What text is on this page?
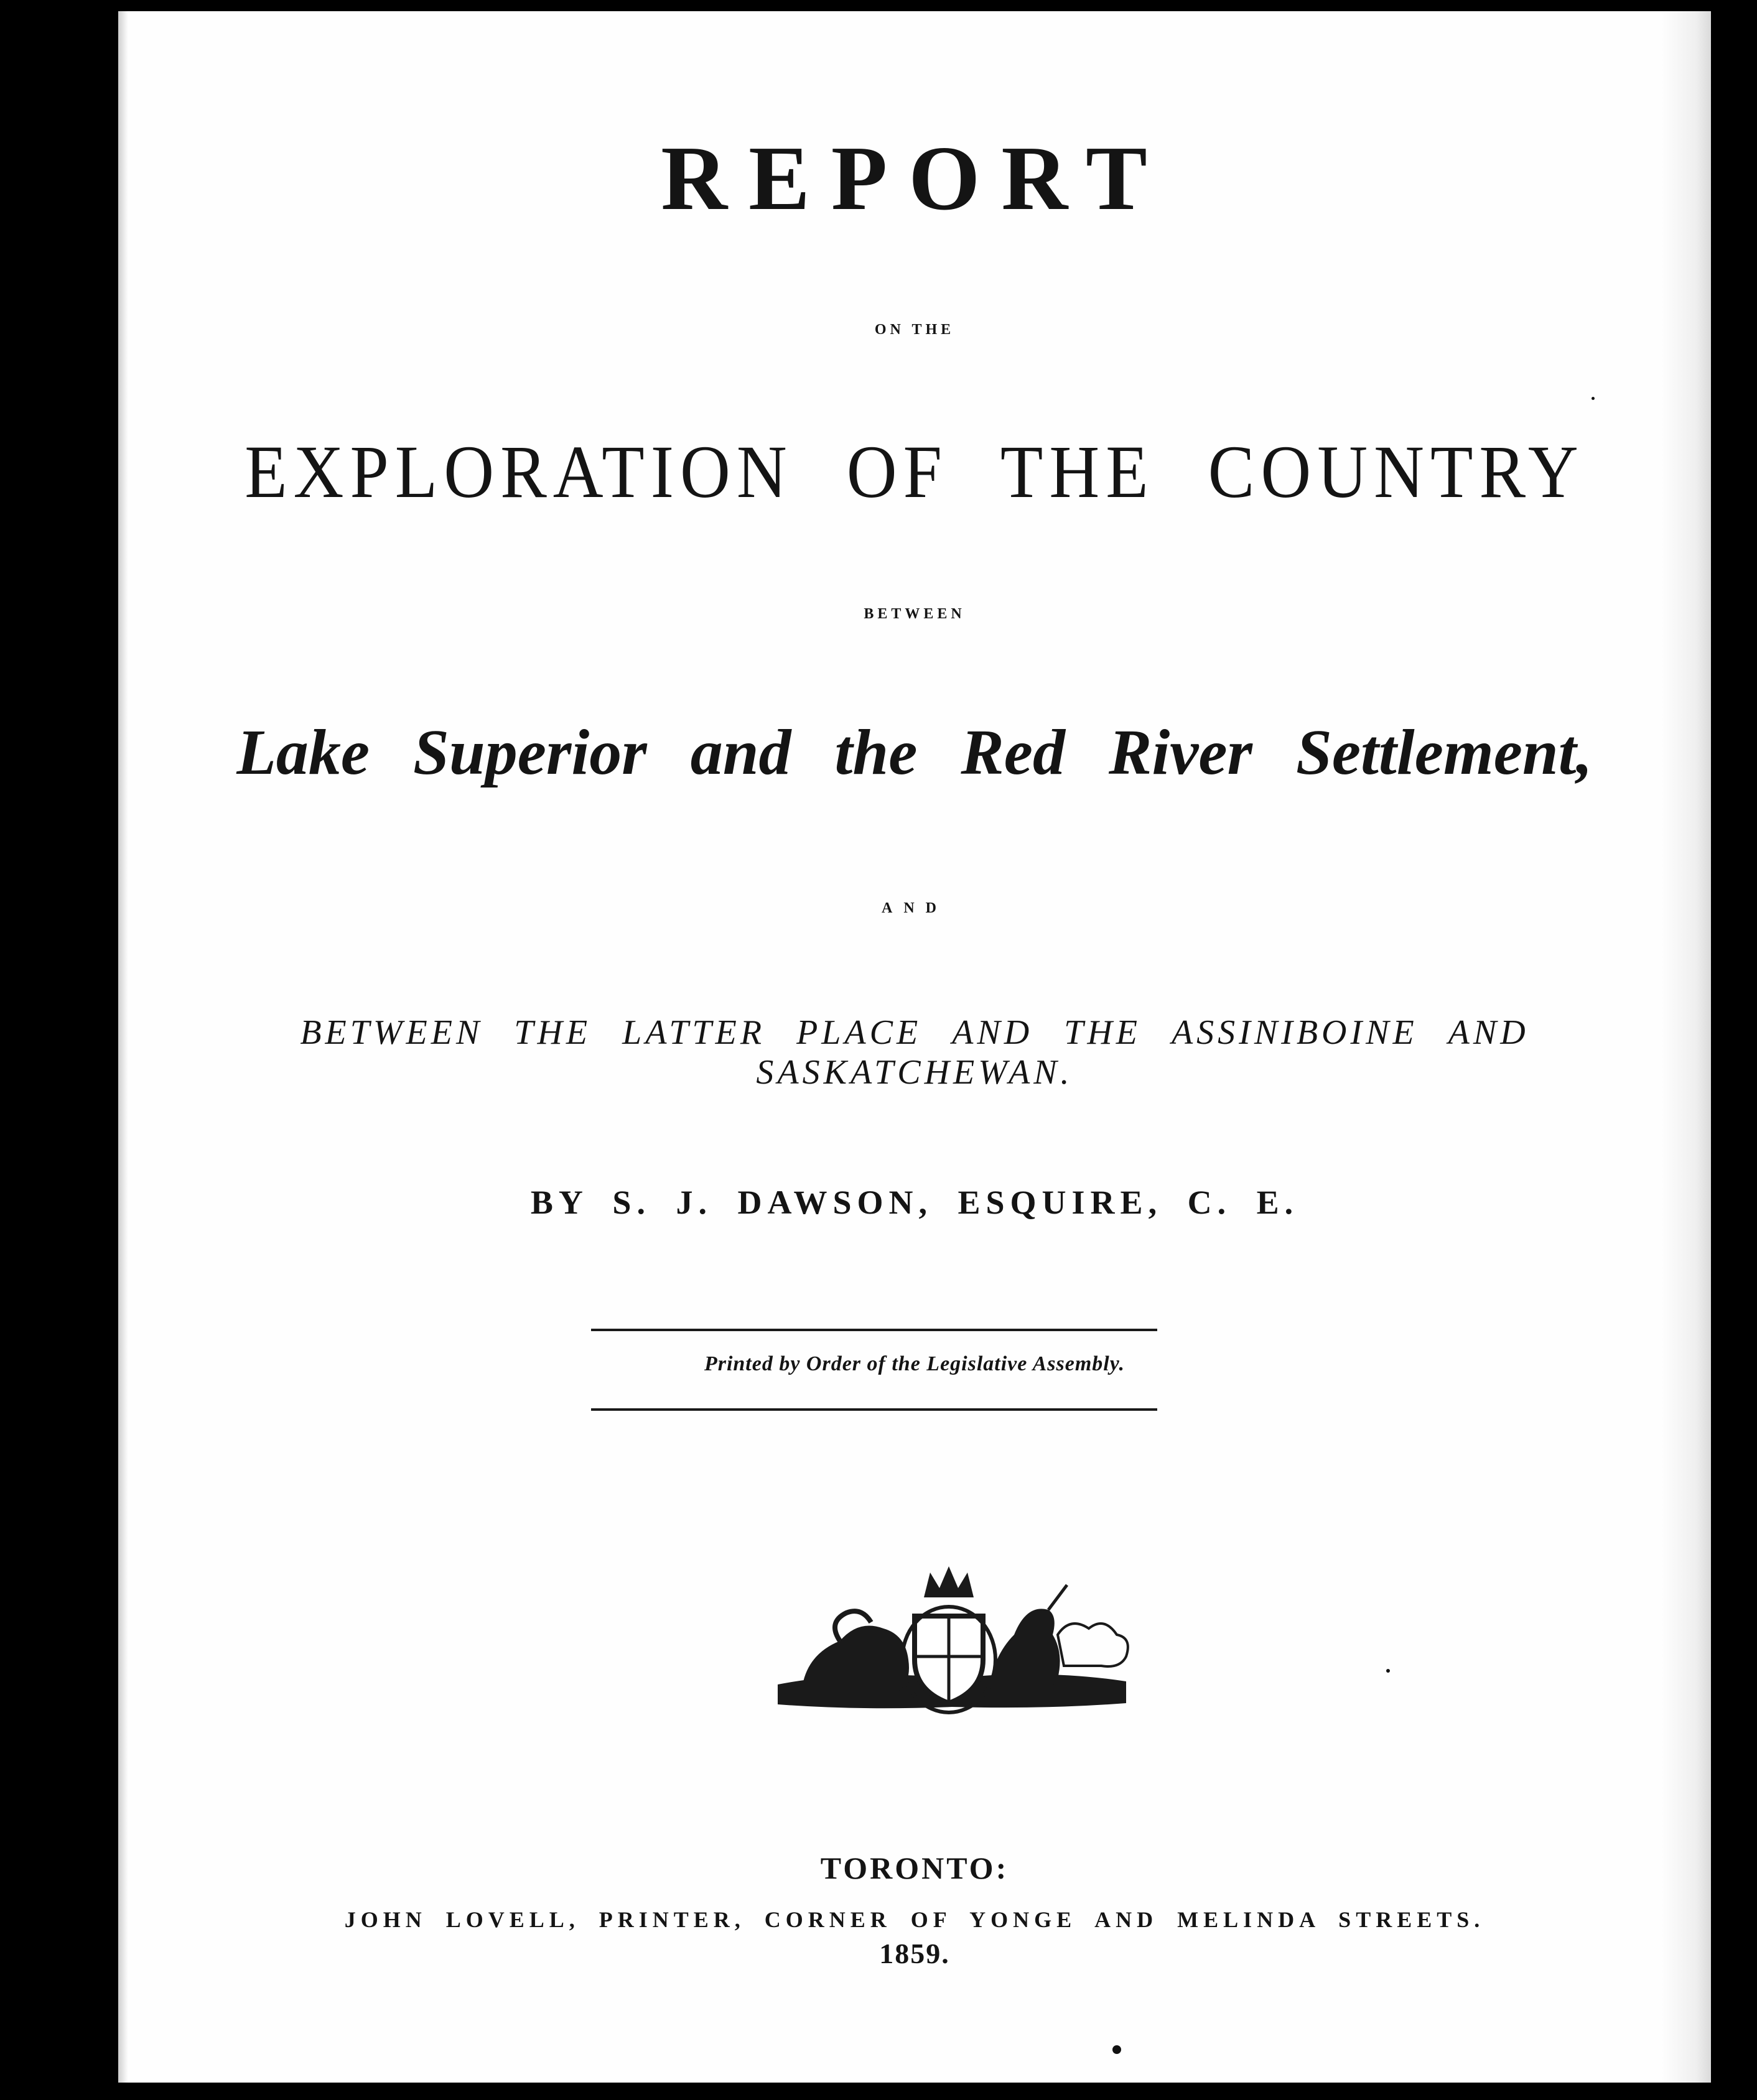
REPORT
ON THE
EXPLORATION OF THE COUNTRY
BETWEEN
Lake Superior and the Red River Settlement,
AND
BETWEEN THE LATTER PLACE AND THE ASSINIBOINE AND
SASKATCHEWAN.
BY S. J. DAWSON, ESQUIRE, C. E.
Printed by Order of the Legislative Assembly.
TORONTO:
JOHN LOVELL, PRINTER, CORNER OF YONGE AND MELINDA STREETS.
1859.
